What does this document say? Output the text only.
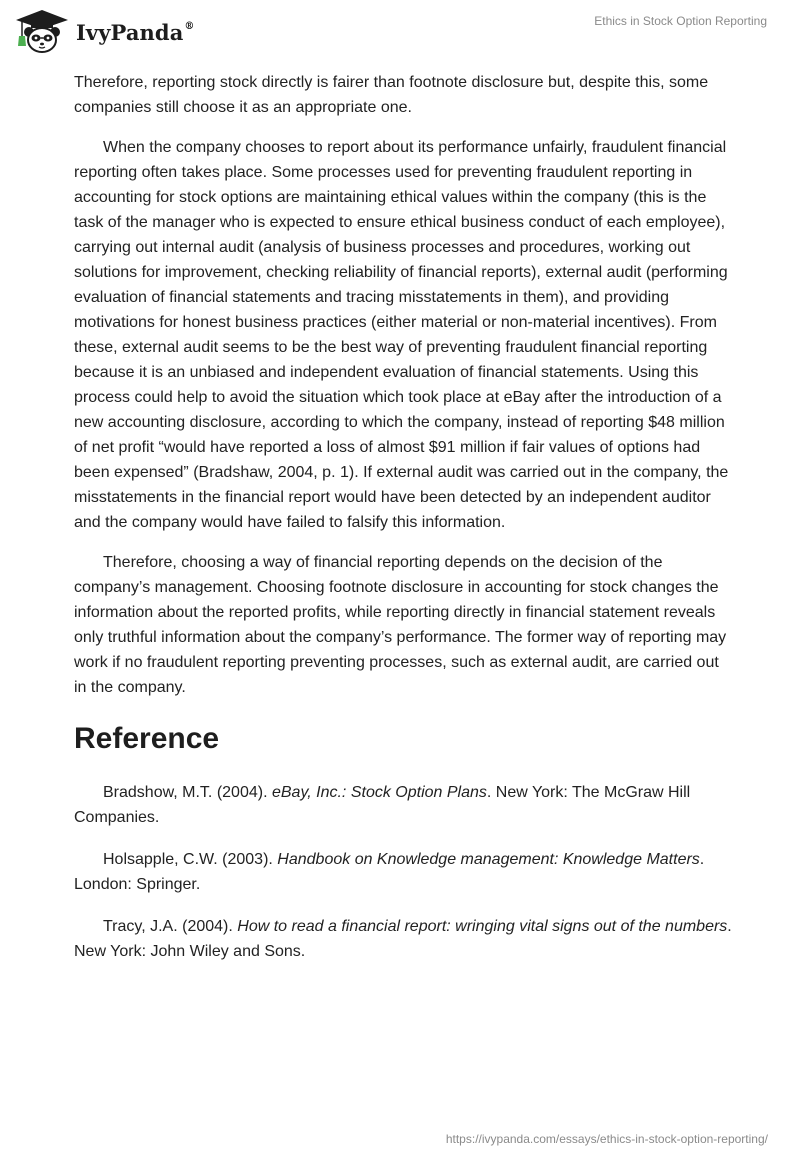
IvyPanda®	Ethics in Stock Option Reporting

Therefore, reporting stock directly is fairer than footnote disclosure but, despite this, some companies still choose it as an appropriate one.

When the company chooses to report about its performance unfairly, fraudulent financial reporting often takes place. Some processes used for preventing fraudulent reporting in accounting for stock options are maintaining ethical values within the company (this is the task of the manager who is expected to ensure ethical business conduct of each employee), carrying out internal audit (analysis of business processes and procedures, working out solutions for improvement, checking reliability of financial reports), external audit (performing evaluation of financial statements and tracing misstatements in them), and providing motivations for honest business practices (either material or non-material incentives). From these, external audit seems to be the best way of preventing fraudulent financial reporting because it is an unbiased and independent evaluation of financial statements. Using this process could help to avoid the situation which took place at eBay after the introduction of a new accounting disclosure, according to which the company, instead of reporting $48 million of net profit “would have reported a loss of almost $91 million if fair values of options had been expensed” (Bradshaw, 2004, p. 1). If external audit was carried out in the company, the misstatements in the financial report would have been detected by an independent auditor and the company would have failed to falsify this information.

Therefore, choosing a way of financial reporting depends on the decision of the company’s management. Choosing footnote disclosure in accounting for stock changes the information about the reported profits, while reporting directly in financial statement reveals only truthful information about the company’s performance. The former way of reporting may work if no fraudulent reporting preventing processes, such as external audit, are carried out in the company.

Reference

Bradshow, M.T. (2004). eBay, Inc.: Stock Option Plans. New York: The McGraw Hill Companies.

Holsapple, C.W. (2003). Handbook on Knowledge management: Knowledge Matters. London: Springer.

Tracy, J.A. (2004). How to read a financial report: wringing vital signs out of the numbers. New York: John Wiley and Sons.

https://ivypanda.com/essays/ethics-in-stock-option-reporting/
